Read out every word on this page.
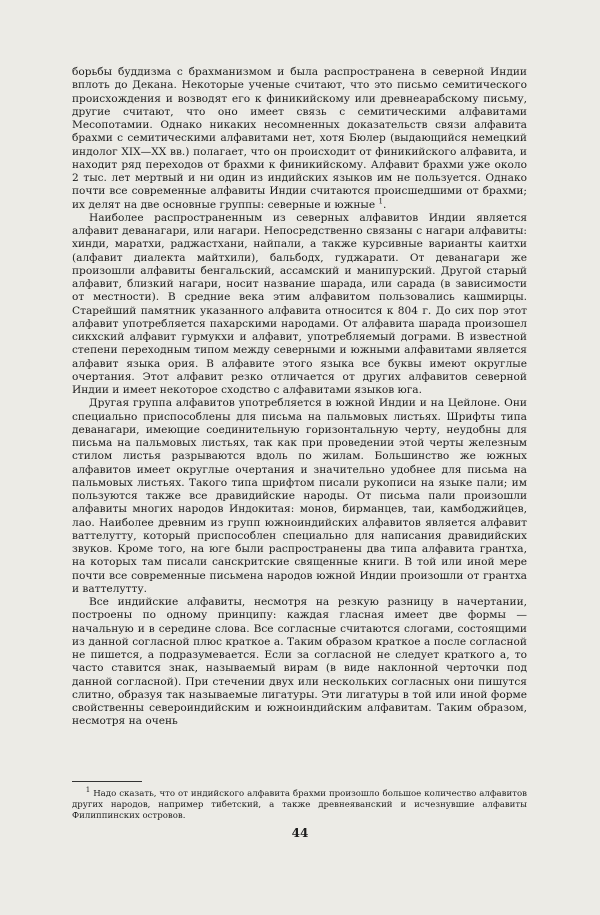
борьбы буддизма с брахманизмом и была распространена в северной Индии вплоть до Декана. Некоторые ученые считают, что это письмо семитического происхождения и возводят его к финикийскому или древнеарабскому письму, другие считают, что оно имеет связь с семитическими алфавитами Месопотамии. Однако никаких несомненных доказательств связи алфавита брахми с семитическими алфавитами нет, хотя Бюлер (выдающийся немецкий индолог XIX—XX вв.) полагает, что он происходит от финикийского алфавита, и находит ряд переходов от брахми к финикийскому. Алфавит брахми уже около 2 тыс. лет мертвый и ни один из индийских языков им не пользуется. Однако почти все современные алфавиты Индии считаются происшедшими от брахми; их делят на две основные группы: северные и южные $^1$.

Наиболее распространенным из северных алфавитов Индии является алфавит деванагари, или нагари. Непосредственно связаны с нагари алфавиты: хинди, маратхи, раджастхани, найпали, а также курсивные варианты каитхи (алфавит диалекта майтхили), бальбодх, гуджарати. От деванагари же произошли алфавиты бенгальский, ассамский и манипурский. Другой старый алфавит, близкий нагари, носит название шарада, или сарада (в зависимости от местности). В средние века этим алфавитом пользовались кашмирцы. Старейший памятник указанного алфавита относится к 804 г. До сих пор этот алфавит употребляется пахарскими народами. От алфавита шарада произошел сикхский алфавит гурмукхи и алфавит, употребляемый дограми. В известной степени переходным типом между северными и южными алфавитами является алфавит языка ория. В алфавите этого языка все буквы имеют округлые очертания. Этот алфавит резко отличается от других алфавитов северной Индии и имеет некоторое сходство с алфавитами языков юга.

Другая группа алфавитов употребляется в южной Индии и на Цейлоне. Они специально приспособлены для письма на пальмовых листьях. Шрифты типа деванагари, имеющие соединительную горизонтальную черту, неудобны для письма на пальмовых листьях, так как при проведении этой черты железным стилом листья разрываются вдоль по жилам. Большинство же южных алфавитов имеет округлые очертания и значительно удобнее для письма на пальмовых листьях. Такого типа шрифтом писали рукописи на языке пали; им пользуются также все дравидийские народы. От письма пали произошли алфавиты многих народов Индокитая: монов, бирманцев, таи, камбоджийцев, лао. Наиболее древним из групп южноиндийских алфавитов является алфавит ваттелутту, который приспособлен специально для написания дравидийских звуков. Кроме того, на юге были распространены два типа алфавита грантха, на которых там писали санскритские священные книги. В той или иной мере почти все современные письмена народов южной Индии произошли от грантха и ваттелутту.

Все индийские алфавиты, несмотря на резкую разницу в начертании, построены по одному принципу: каждая гласная имеет две формы — начальную и в середине слова. Все согласные считаются слогами, состоящими из данной согласной плюс краткое а. Таким образом краткое а после согласной не пишется, а подразумевается. Если за согласной не следует краткого а, то часто ставится знак, называемый вирам (в виде наклонной черточки под данной согласной). При стечении двух или нескольких согласных они пишутся слитно, образуя так называемые лигатуры. Эти лигатуры в той или иной форме свойственны североиндийским и южноиндийским алфавитам. Таким образом, несмотря на очень

$^1$ Надо сказать, что от индийского алфавита брахми произошло большое количество алфавитов других народов, например тибетский, а также древнеяванский и исчезнувшие алфавиты Филиппинских островов.
44
